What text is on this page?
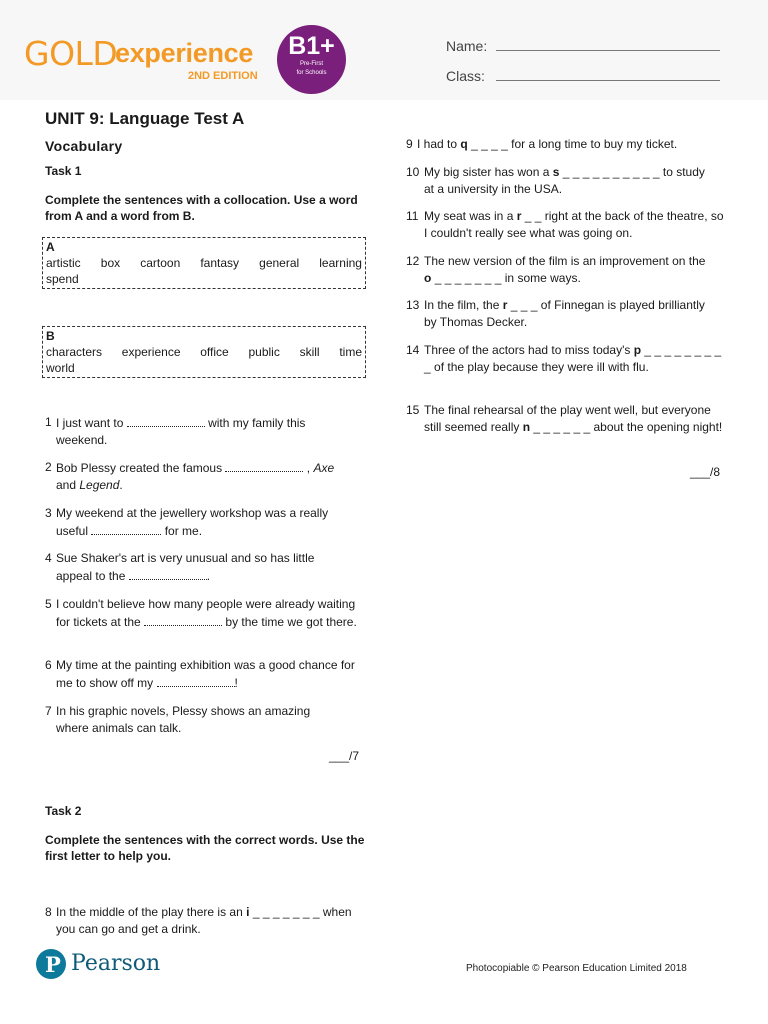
GOLD
experience
2ND EDITION
B1+
Pre-First
for Schools
Name:
Class:
UNIT 9: Language Test A
Vocabulary
Task 1
Complete the sentences with a collocation. Use a word from A and a word from B.
A
artistic box cartoon fantasy general learning
spend
B
characters experience office public skill time
world
1 I just want to	with my family this weekend.
2 Bob Plessy created the famous	, Axe and Legend.
3 My weekend at the jewellery workshop was a really useful	for me.
4 Sue Shaker's art is very unusual and so has little appeal to the	.
5 I couldn't believe how many people were already waiting for tickets at the	by the time we got there.
6 My time at the painting exhibition was a good chance for me to show off my	!
7 In his graphic novels, Plessy shows an amazing where animals can talk.
___/7
Task 2
Complete the sentences with the correct words. Use the first letter to help you.
8 In the middle of the play there is an i _ _ _ _ _ _ _ when you can go and get a drink.
9 I had to q _ _ _ _ for a long time to buy my ticket.
10 My big sister has won a s _ _ _ _ _ _ _ _ _ _ to study at a university in the USA.
11 My seat was in a r _ _ right at the back of the theatre, so I couldn't really see what was going on.
12 The new version of the film is an improvement on the o _ _ _ _ _ _ _ in some ways.
13 In the film, the r _ _ _ of Finnegan is played brilliantly by Thomas Decker.
14 Three of the actors had to miss today's p _ _ _ _ _ _ _ _ _ of the play because they were ill with flu.
15 The final rehearsal of the play went well, but everyone still seemed really n _ _ _ _ _ _ about the opening night!
___/8
P Pearson	Photocopiable © Pearson Education Limited 2018
